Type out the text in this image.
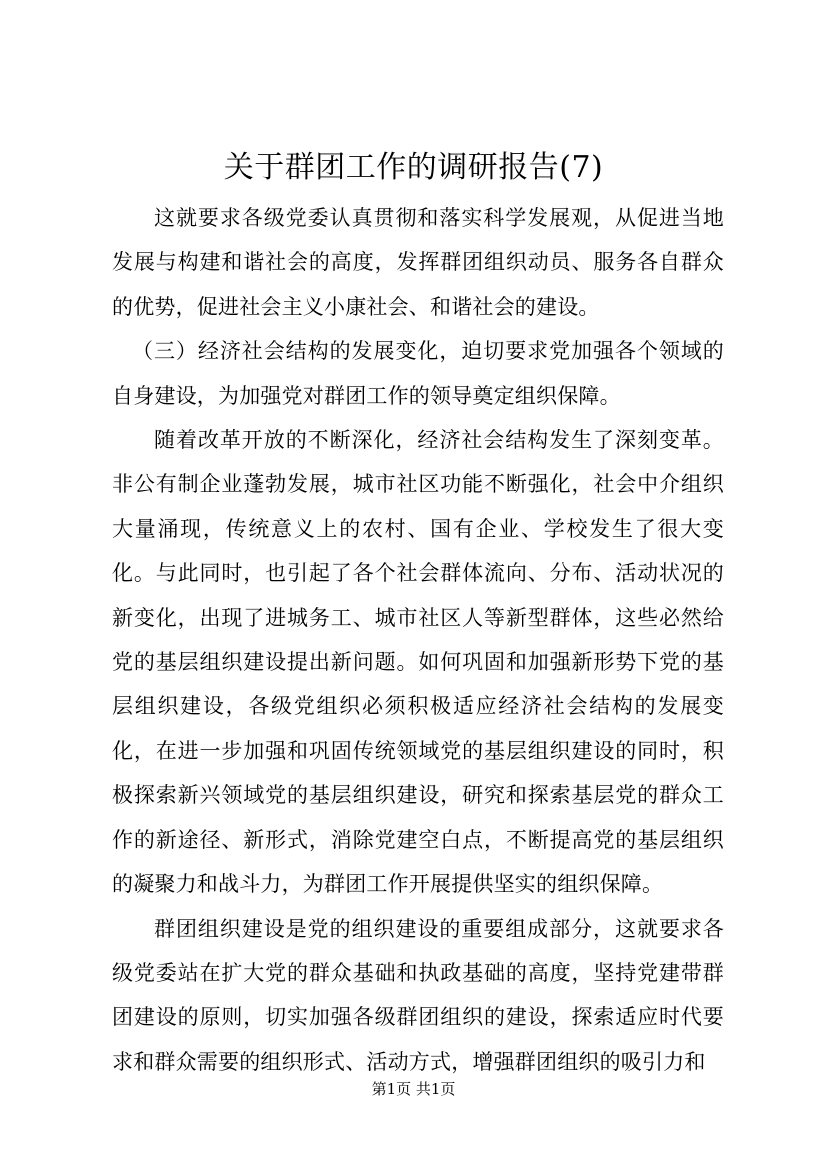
关于群团工作的调研报告(7)

这就要求各级党委认真贯彻和落实科学发展观，从促进当地发展与构建和谐社会的高度，发挥群团组织动员、服务各自群众的优势，促进社会主义小康社会、和谐社会的建设。

（三）经济社会结构的发展变化，迫切要求党加强各个领域的自身建设，为加强党对群团工作的领导奠定组织保障。

随着改革开放的不断深化，经济社会结构发生了深刻变革。非公有制企业蓬勃发展，城市社区功能不断强化，社会中介组织大量涌现，传统意义上的农村、国有企业、学校发生了很大变化。与此同时，也引起了各个社会群体流向、分布、活动状况的新变化，出现了进城务工、城市社区人等新型群体，这些必然给党的基层组织建设提出新问题。如何巩固和加强新形势下党的基层组织建设，各级党组织必须积极适应经济社会结构的发展变化，在进一步加强和巩固传统领域党的基层组织建设的同时，积极探索新兴领域党的基层组织建设，研究和探索基层党的群众工作的新途径、新形式，消除党建空白点，不断提高党的基层组织的凝聚力和战斗力，为群团工作开展提供坚实的组织保障。

群团组织建设是党的组织建设的重要组成部分，这就要求各级党委站在扩大党的群众基础和执政基础的高度，坚持党建带群团建设的原则，切实加强各级群团组织的建设，探索适应时代要求和群众需要的组织形式、活动方式，增强群团组织的吸引力和

第1页 共1页
